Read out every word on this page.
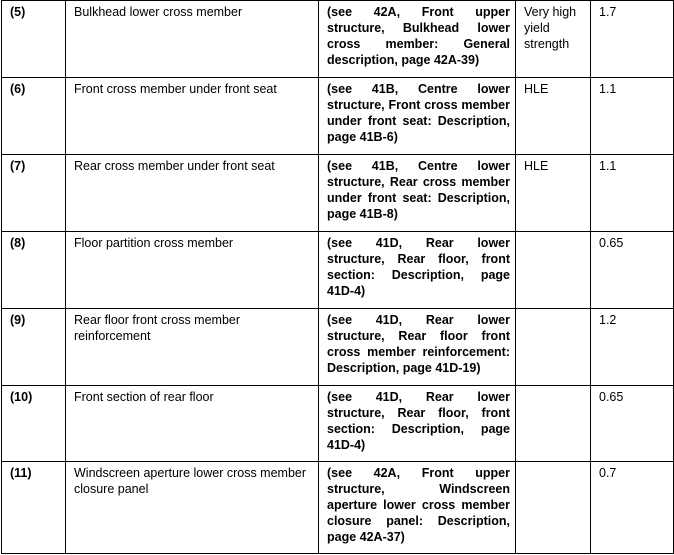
(5)	Bulkhead lower cross member	(see 42A, Front upper structure, Bulkhead lower cross member: General description, page 42A-39)	Very high yield strength	1.7
(6)	Front cross member under front seat	(see 41B, Centre lower structure, Front cross member under front seat: Description, page 41B-6)	HLE	1.1
(7)	Rear cross member under front seat	(see 41B, Centre lower structure, Rear cross member under front seat: Description, page 41B-8)	HLE	1.1
(8)	Floor partition cross member	(see 41D, Rear lower structure, Rear floor, front section: Description, page 41D-4)		0.65
(9)	Rear floor front cross member reinforcement	(see 41D, Rear lower structure, Rear floor front cross member reinforcement: Description, page 41D-19)		1.2
(10)	Front section of rear floor	(see 41D, Rear lower structure, Rear floor, front section: Description, page 41D-4)		0.65
(11)	Windscreen aperture lower cross member closure panel	(see 42A, Front upper structure, Windscreen aperture lower cross member closure panel: Description, page 42A-37)		0.7
